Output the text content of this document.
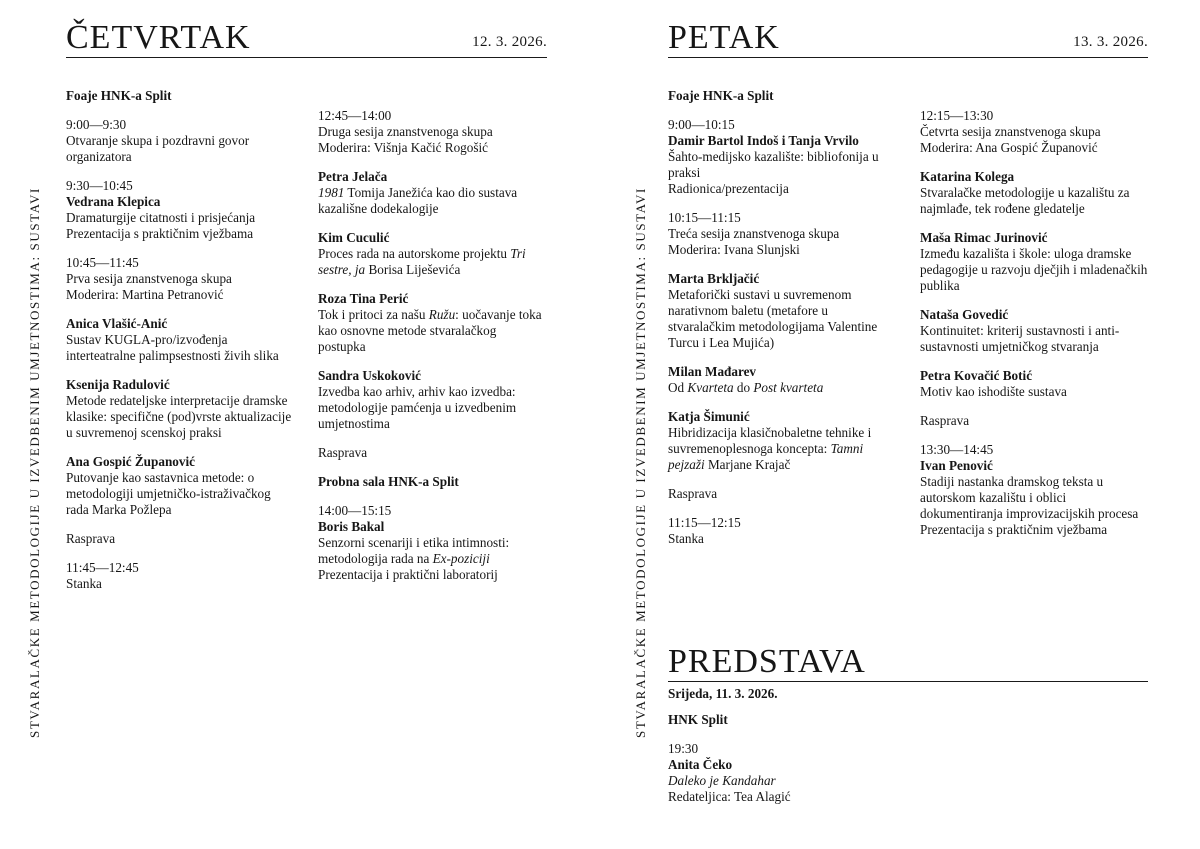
STVARALAČKE METODOLOGIJE U IZVEDBENIM UMJETNOSTIMA: SUSTAVI
ČETVRTAK	12. 3. 2026.

Foaje HNK-a Split

9:00—9:30

Otvaranje skupa i pozdravni govor organizatora

9:30—10:45

Vedrana Klepica

Dramaturgije citatnosti i prisjećanja

Prezentacija s praktičnim vježbama

10:45—11:45

Prva sesija znanstvenoga skupa

Moderira: Martina Petranović

Anica Vlašić-Anić

Sustav KUGLA-pro/izvođenja interteatralne palimpsestnosti živih slika

Ksenija Radulović

Metode redateljske interpretacije dramske klasike: specifične (pod)vrste aktualizacije u suvremenoj scenskoj praksi

Ana Gospić Županović

Putovanje kao sastavnica metode: o metodologiji umjetničko-istraživačkog rada Marka Požlepa

Rasprava

11:45—12:45

Stanka

12:45—14:00

Druga sesija znanstvenoga skupa

Moderira: Višnja Kačić Rogošić

Petra Jelača

1981 Tomija Janežića kao dio sustava kazališne dodekalogije

Kim Cuculić

Proces rada na autorskome projektu Tri sestre, ja Borisa Liješevića

Roza Tina Perić

Tok i pritoci za našu Ružu: uočavanje toka kao osnovne metode stvaralačkog postupka

Sandra Uskoković

Izvedba kao arhiv, arhiv kao izvedba: metodologije pamćenja u izvedbenim umjetnostima

Rasprava

Probna sala HNK-a Split

14:00—15:15

Boris Bakal

Senzorni scenariji i etika intimnosti: metodologija rada na Ex-poziciji

Prezentacija i praktični laboratorij	STVARALAČKE METODOLOGIJE U IZVEDBENIM UMJETNOSTIMA: SUSTAVI
PETAK	13. 3. 2026.

Foaje HNK-a Split

9:00—10:15

Damir Bartol Indoš i Tanja Vrvilo

Šahto-medijsko kazalište: bibliofonija u praksi

Radionica/prezentacija

10:15—11:15

Treća sesija znanstvenoga skupa

Moderira: Ivana Slunjski

Marta Brkljačić

Metaforički sustavi u suvremenom narativnom baletu (metafore u stvaralačkim metodologijama Valentine Turcu i Lea Mujića)

Milan Mađarev

Od Kvarteta do Post kvarteta

Katja Šimunić

Hibridizacija klasičnobaletne tehnike i suvremenoplesnoga koncepta: Tamni pejzaži Marjane Krajač

Rasprava

11:15—12:15

Stanka

12:15—13:30

Četvrta sesija znanstvenoga skupa

Moderira: Ana Gospić Županović

Katarina Kolega

Stvaralačke metodologije u kazalištu za najmlađe, tek rođene gledatelje

Maša Rimac Jurinović

Između kazališta i škole: uloga dramske pedagogije u razvoju dječjih i mladenačkih publika

Nataša Govedić

Kontinuitet: kriterij sustavnosti i anti-sustavnosti umjetničkog stvaranja

Petra Kovačić Botić

Motiv kao ishodište sustava

Rasprava

13:30—14:45

Ivan Penović

Stadiji nastanka dramskog teksta u autorskom kazalištu i oblici dokumentiranja improvizacijskih procesa

Prezentacija s praktičnim vježbama

PREDSTAVA

Srijeda, 11. 3. 2026.

HNK Split

19:30

Anita Čeko

Daleko je Kandahar

Redateljica: Tea Alagić
